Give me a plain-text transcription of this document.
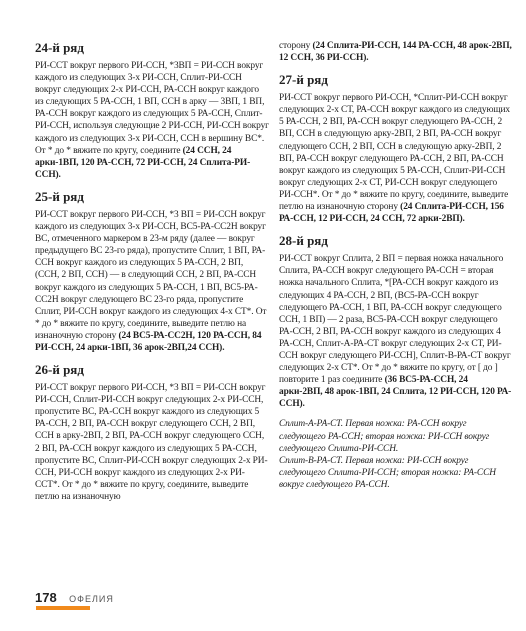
24-й ряд

РИ-ССТ вокруг первого РИ-ССН, *3ВП = РИ-ССН вокруг каждого из следующих 3-х РИ-ССН, Сплит-РИ-ССН вокруг следующих 2-х РИ-ССН, РА-ССН вокруг каждого из следующих 5 РА-ССН, 1 ВП, ССН в арку — 3ВП, 1 ВП, РА-ССН вокруг каждого из следующих 5 РА-ССН, Сплит-РИ-ССН, используя следующие 2 РИ-ССН, РИ-ССН вокруг каждого из следующих 3-х РИ-ССН, ССН в вершину ВС*. От * до * вяжите по кругу, соедините (24 ССН, 24 арки-1ВП, 120 РА-ССН, 72 РИ-ССН, 24 Сплита-РИ-ССН).

25-й ряд

РИ-ССТ вокруг первого РИ-ССН, *3 ВП = РИ-ССН вокруг каждого из следующих 3-х РИ-ССН, ВС5-РА-СС2Н вокруг ВС, отмеченного маркером в 23-м ряду (далее — вокруг предыдущего ВС 23-го ряда), пропустите Сплит, 1 ВП, РА-ССН вокруг каждого из следующих 5 РА-ССН, 2 ВП, (ССН, 2 ВП, ССН) — в следующий ССН, 2 ВП, РА-ССН вокруг каждого из следующих 5 РА-ССН, 1 ВП, ВС5-РА-СС2Н вокруг следующего ВС 23-го ряда, пропустите Сплит, РИ-ССН вокруг каждого из следующих 4-х СТ*. От * до * вяжите по кругу, соедините, выведите петлю на изнаночную сторону (24 ВС5-РА-СС2Н, 120 РА-ССН, 84 РИ-ССН, 24 арки-1ВП, 36 арок-2ВП,24 ССН).

26-й ряд

РИ-ССТ вокруг первого РИ-ССН, *3 ВП = РИ-ССН вокруг РИ-ССН, Сплит-РИ-ССН вокруг следующих 2-х РИ-ССН, пропустите ВС, РА-ССН вокруг каждого из следующих 5 РА-ССН, 2 ВП, РА-ССН вокруг следующего ССН, 2 ВП, ССН в арку-2ВП, 2 ВП, РА-ССН вокруг следующего ССН, 2 ВП, РА-ССН вокруг каждого из следующих 5 РА-ССН, пропустите ВС, Сплит-РИ-ССН вокруг следующих 2-х РИ-ССН, РИ-ССН вокруг каждого из следующих 2-х РИ-ССТ*. От * до * вяжите по кругу, соедините, выведите петлю на изнаночную

сторону (24 Сплита-РИ-ССН, 144 РА-ССН, 48 арок-2ВП, 12 ССН, 36 РИ-ССН).

27-й ряд

РИ-ССТ вокруг первого РИ-ССН, *Сплит-РИ-ССН вокруг следующих 2-х СТ, РА-ССН вокруг каждого из следующих 5 РА-ССН, 2 ВП, РА-ССН вокруг следующего РА-ССН, 2 ВП, ССН в следующую арку-2ВП, 2 ВП, РА-ССН вокруг следующего ССН, 2 ВП, ССН в следующую арку-2ВП, 2 ВП, РА-ССН вокруг следующего РА-ССН, 2 ВП, РА-ССН вокруг каждого из следующих 5 РА-ССН, Сплит-РИ-ССН вокруг следующих 2-х СТ, РИ-ССН вокруг следующего РИ-ССН*. От * до * вяжите по кругу, соедините, выведите петлю на изнаночную сторону (24 Сплита-РИ-ССН, 156 РА-ССН, 12 РИ-ССН, 24 ССН, 72 арки-2ВП).

28-й ряд

РИ-ССТ вокруг Сплита, 2 ВП = первая ножка начального Сплита, РА-ССН вокруг следующего РА-ССН = вторая ножка начального Сплита, *[РА-ССН вокруг каждого из следующих 4 РА-ССН, 2 ВП, (ВС5-РА-ССН вокруг следующего РА-ССН, 1 ВП, РА-ССН вокруг следующего ССН, 1 ВП) — 2 раза, ВС5-РА-ССН вокруг следующего РА-ССН, 2 ВП, РА-ССН вокруг каждого из следующих 4 РА-ССН, Сплит-А-РА-СТ вокруг следующих 2-х СТ, РИ-ССН вокруг следующего РИ-ССН], Сплит-В-РА-СТ вокруг следующих 2-х СТ*. От * до * вяжите по кругу, от [ до ] повторите 1 раз соедините (36 ВС5-РА-ССН, 24 арки-2ВП, 48 арок-1ВП, 24 Сплита, 12 РИ-ССН, 120 РА-ССН).

Сплит-А-РА-СТ. Первая ножка: РА-ССН вокруг следующего РА-ССН; вторая ножка: РИ-ССН вокруг следующего Сплита-РИ-ССН.

Сплит-В-РА-СТ. Первая ножка: РИ-ССН вокруг следующего Сплита-РИ-ССН; вторая ножка: РА-ССН вокруг следующего РА-ССН.

178 ОФЕЛИЯ
